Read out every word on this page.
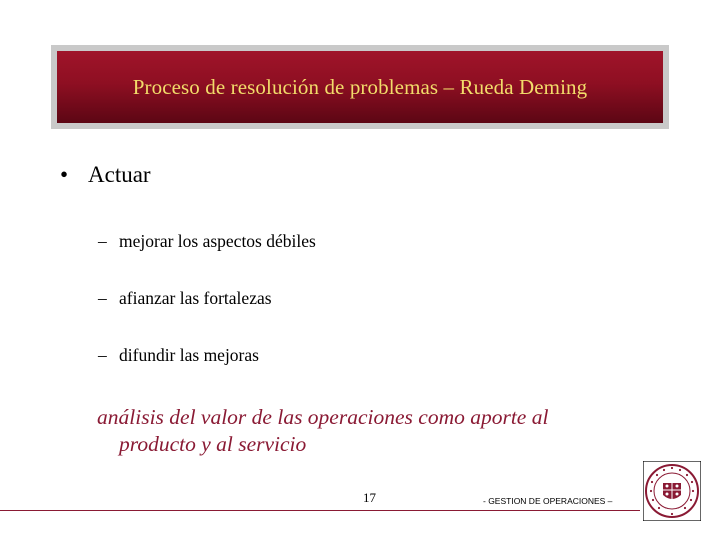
Proceso de resolución de problemas – Rueda Deming
• Actuar
– mejorar los aspectos débiles
– afianzar las fortalezas
– difundir las mejoras
análisis del valor de las operaciones como aporte al
producto y al servicio
17	- GESTION DE OPERACIONES –
